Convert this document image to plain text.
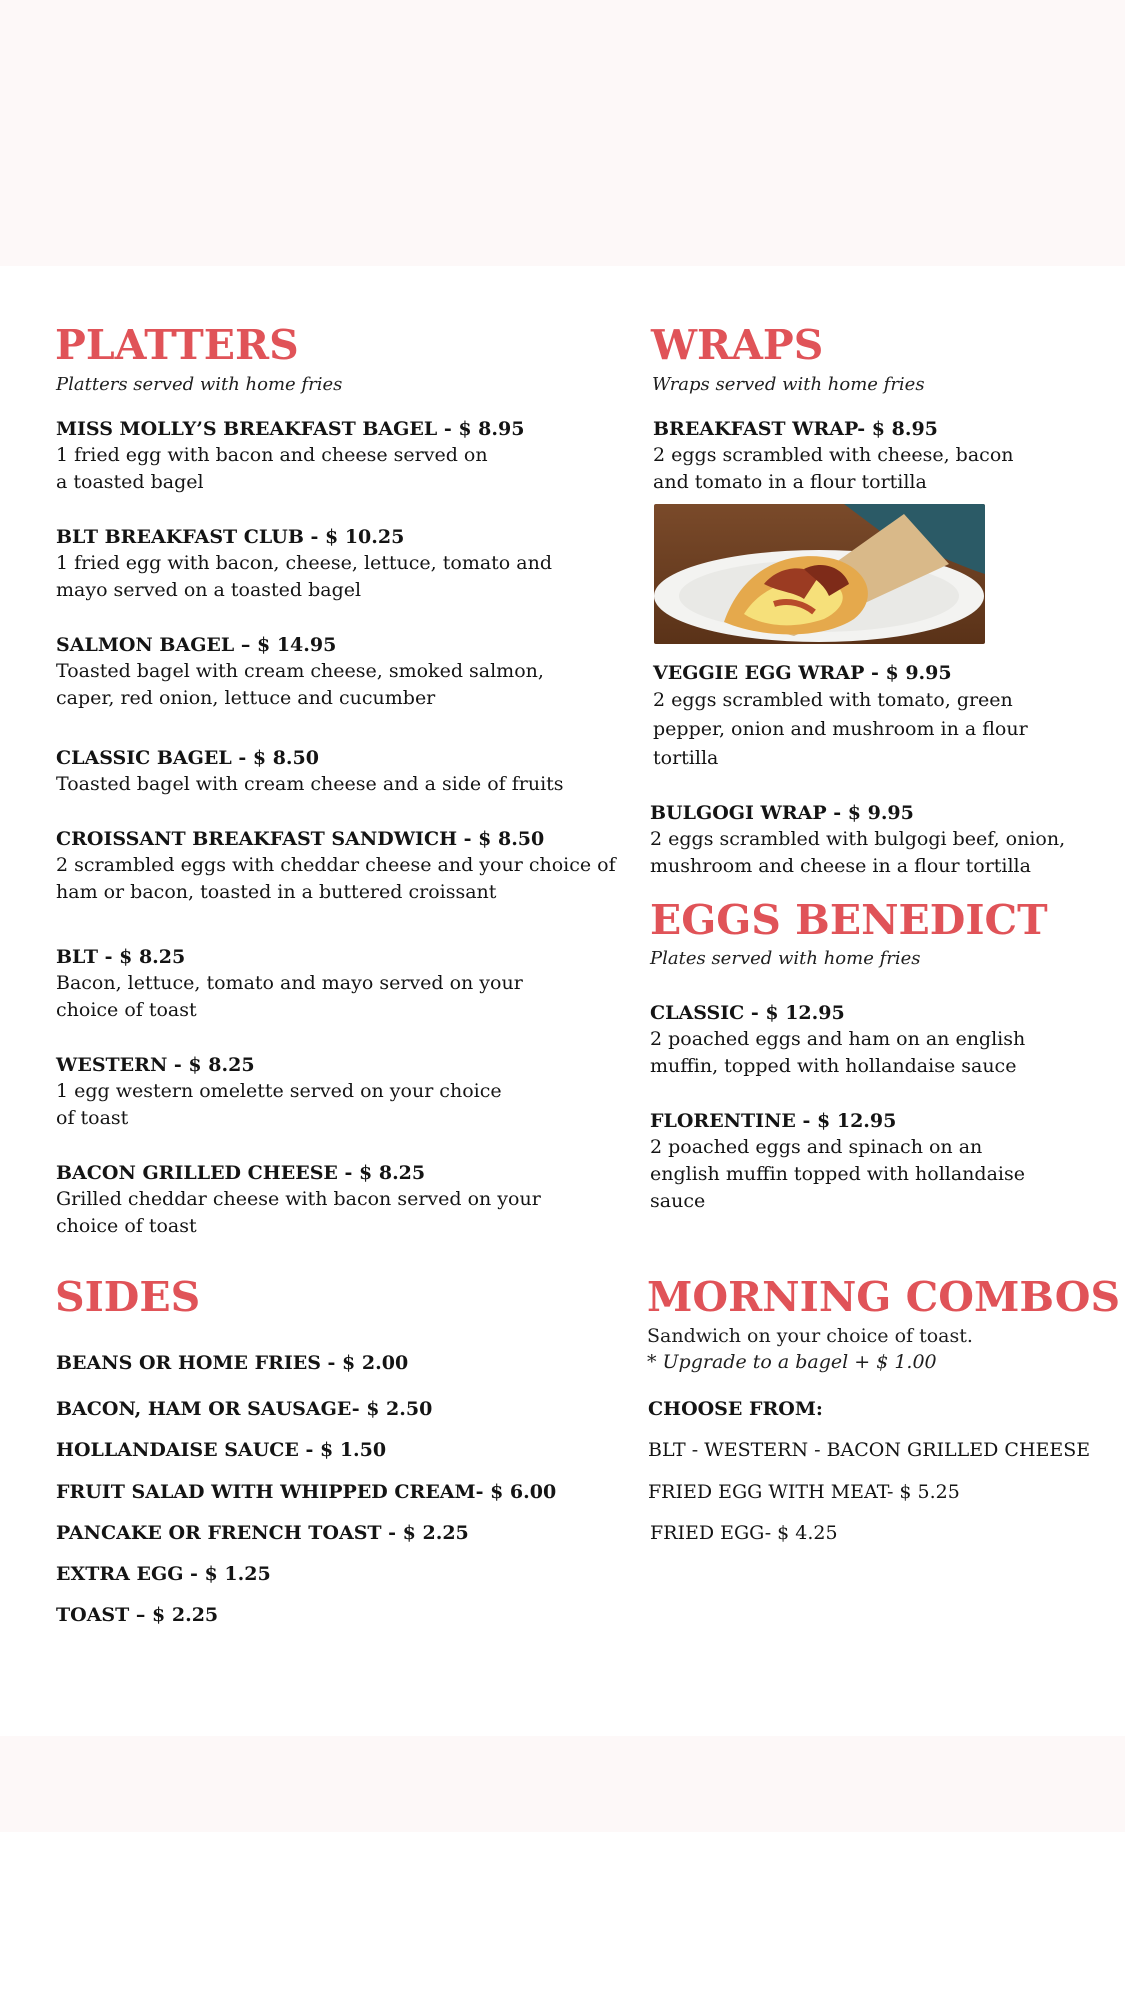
PLATTERS

Platters served with home fries

MISS MOLLY’S BREAKFAST BAGEL - $ 8.95
1 fried egg with bacon and cheese served on a toasted bagel
BLT BREAKFAST CLUB - $ 10.25
1 fried egg with bacon, cheese, lettuce, tomato and mayo served on a toasted bagel
SALMON BAGEL – $ 14.95
Toasted bagel with cream cheese, smoked salmon, caper, red onion, lettuce and cucumber
CLASSIC BAGEL - $ 8.50
Toasted bagel with cream cheese and a side of fruits
CROISSANT BREAKFAST SANDWICH - $ 8.50
2 scrambled eggs with cheddar cheese and your choice of ham or bacon, toasted in a buttered croissant
BLT - $ 8.25
Bacon, lettuce, tomato and mayo served on your choice of toast
WESTERN - $ 8.25
1 egg western omelette served on your choice of toast
BACON GRILLED CHEESE - $ 8.25
Grilled cheddar cheese with bacon served on your choice of toast
WRAPS

Wraps served with home fries

BREAKFAST WRAP- $ 8.95
2 eggs scrambled with cheese, bacon and tomato in a flour tortilla
VEGGIE EGG WRAP - $ 9.95
2 eggs scrambled with tomato, green pepper, onion and mushroom in a flour tortilla
BULGOGI WRAP - $ 9.95
2 eggs scrambled with bulgogi beef, onion, mushroom and cheese in a flour tortilla
EGGS BENEDICT

Plates served with home fries

CLASSIC - $ 12.95
2 poached eggs and ham on an english muffin, topped with hollandaise sauce
FLORENTINE - $ 12.95
2 poached eggs and spinach on an english muffin topped with hollandaise sauce
SIDES

BEANS OR HOME FRIES - $ 2.00

BACON, HAM OR SAUSAGE- $ 2.50

HOLLANDAISE SAUCE - $ 1.50

FRUIT SALAD WITH WHIPPED CREAM- $ 6.00

PANCAKE OR FRENCH TOAST - $ 2.25

EXTRA EGG - $ 1.25

TOAST – $ 2.25

MORNING COMBOS

Sandwich on your choice of toast.

* Upgrade to a bagel + $ 1.00

CHOOSE FROM:

BLT - WESTERN - BACON GRILLED CHEESE

FRIED EGG WITH MEAT- $ 5.25

FRIED EGG- $ 4.25
